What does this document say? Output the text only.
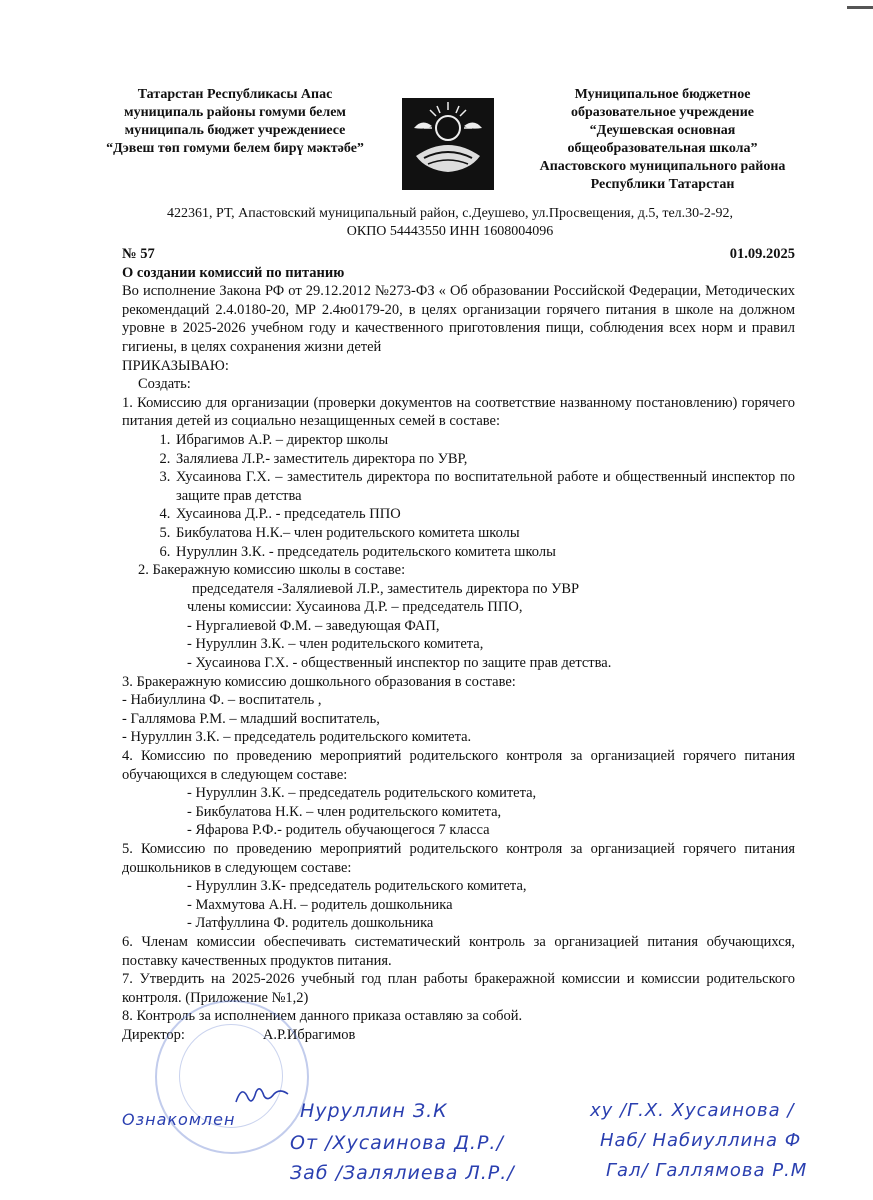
Татарстан Республикасы Апас
муниципаль районы гомуми белем
муниципаль бюджет учреждениесе
“Дэвеш төп гомуми белем бирү мәктәбе”
Муниципальное бюджетное
образовательное учреждение
“Деушевская основная
общеобразовательная школа”
Апастовского муниципального района
Республики Татарстан
422361, РТ, Апастовский муниципальный район, с.Деушево, ул.Просвещения, д.5, тел.30-2-92,
ОКПО 54443550 ИНН 1608004096
№ 57	01.09.2025

О создании комиссий по питанию

Во исполнение Закона РФ от 29.12.2012 №273-ФЗ « Об образовании Российской Федерации, Методических рекомендаций 2.4.0180-20, МР 2.4ю0179-20, в целях организации горячего питания в школе на должном уровне в 2025-2026 учебном году и качественного приготовления пищи, соблюдения всех норм и правил гигиены, в целях сохранения жизни детей

ПРИКАЗЫВАЮ:

Создать:

1. Комиссию для организации (проверки документов на соответствие названному постановлению) горячего питания детей из социально незащищенных семей в составе:

1. Ибрагимов А.Р. – директор школы
2. Залялиева Л.Р.- заместитель директора по УВР,
3. Хусаинова Г.Х. – заместитель директора по воспитательной работе и общественный инспектор по защите прав детства
4. Хусаинова Д.Р.. - председатель ППО
5. Бикбулатова Н.К.– член родительского комитета школы
6. Нуруллин З.К. - председатель родительского комитета школы

2. Бакеражную комиссию школы в составе:

председателя -Залялиевой Л.Р., заместитель директора по УВР

члены комиссии: Хусаинова Д.Р. – председатель ППО,

- Нургалиевой Ф.М. – заведующая ФАП,

- Нуруллин З.К. – член родительского комитета,

- Хусаинова Г.Х. - общественный инспектор по защите прав детства.

3. Бракеражную комиссию дошкольного образования в составе:

- Набиуллина Ф. – воспитатель ,

- Галлямова Р.М. – младший воспитатель,

- Нуруллин З.К. – председатель родительского комитета.

4. Комиссию по проведению мероприятий родительского контроля за организацией горячего питания обучающихся в следующем составе:

- Нуруллин З.К. – председатель родительского комитета,

- Бикбулатова Н.К. – член родительского комитета,

- Яфарова Р.Ф.- родитель обучающегося 7 класса

5. Комиссию по проведению мероприятий родительского контроля за организацией горячего питания дошкольников в следующем составе:

- Нуруллин З.К- председатель родительского комитета,

- Махмутова А.Н. – родитель дошкольника

- Латфуллина Ф. родитель дошкольника

6. Членам комиссии обеспечивать систематический контроль за организацией питания обучающихся, поставку качественных продуктов питания.

7. Утвердить на 2025-2026 учебный год план работы бракеражной комиссии и комиссии родительского контроля. (Приложение №1,2)

8. Контроль за исполнением данного приказа оставляю за собой.

Директор:	А.Р.Ибрагимов
Ознакомлен	Нуруллин З.К	ху /Г.Х. Хусаинова /
От /Хусаинова Д.Р./	Наб/ Набиуллина Ф
Заб /Залялиева Л.Р./	Гал/ Галлямова Р.М
